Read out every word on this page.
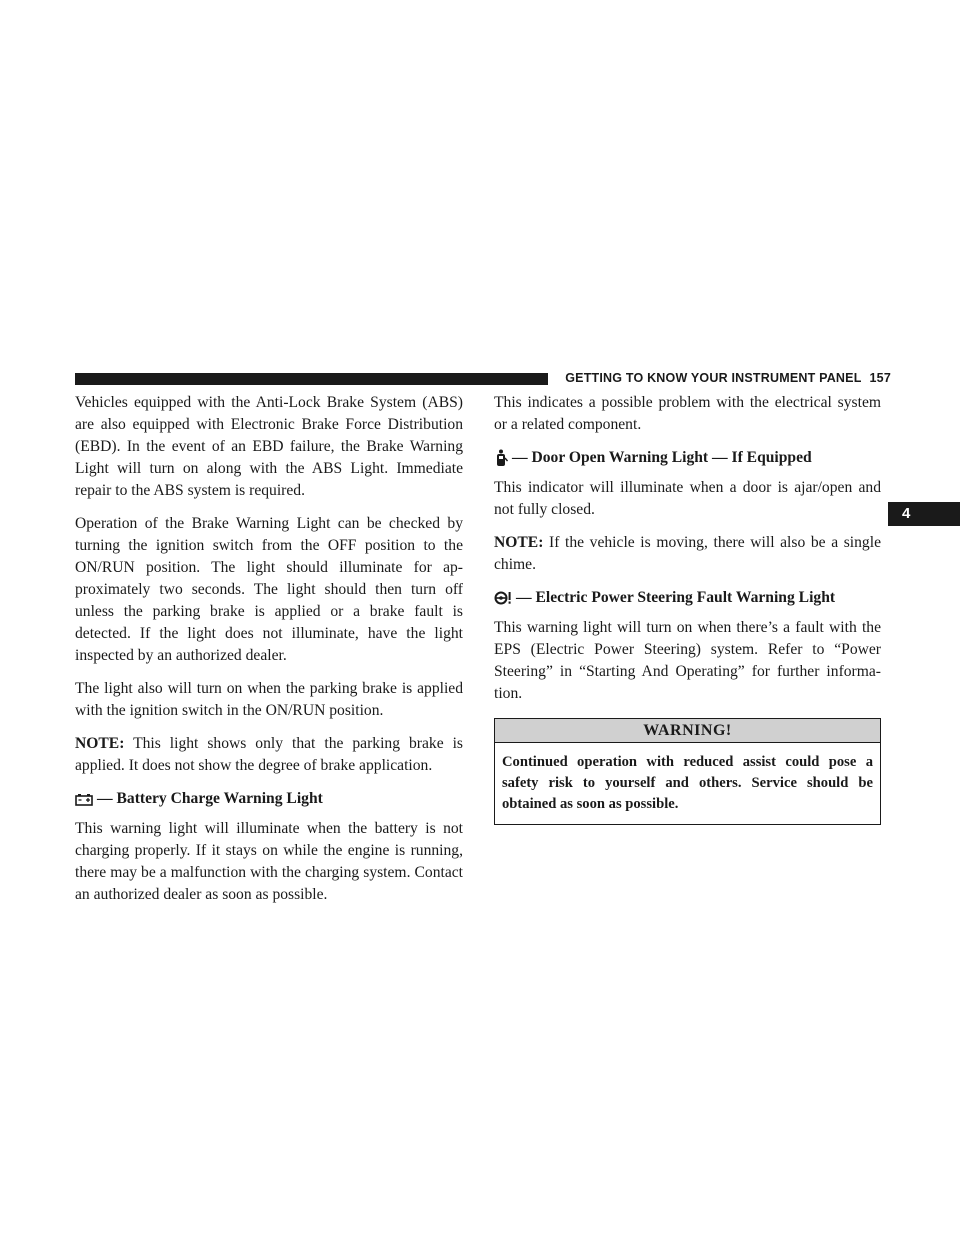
GETTING TO KNOW YOUR INSTRUMENT PANEL 157
4

Vehicles equipped with the Anti-Lock Brake System (ABS) are also equipped with Electronic Brake Force Distribution (EBD). In the event of an EBD failure, the Brake Warning Light will turn on along with the ABS Light. Immediate repair to the ABS system is required.

Operation of the Brake Warning Light can be checked by turning the ignition switch from the OFF position to the ON/RUN position. The light should illuminate for approximately two seconds. The light should then turn off unless the parking brake is applied or a brake fault is detected. If the light does not illuminate, have the light inspected by an authorized dealer.

The light also will turn on when the parking brake is applied with the ignition switch in the ON/RUN position.

NOTE: This light shows only that the parking brake is applied. It does not show the degree of brake application.

— Battery Charge Warning Light

This warning light will illuminate when the battery is not charging properly. If it stays on while the engine is running, there may be a malfunction with the charging system. Contact an authorized dealer as soon as possible.

This indicates a possible problem with the electrical system or a related component.

— Door Open Warning Light — If Equipped

This indicator will illuminate when a door is ajar/open and not fully closed.

NOTE: If the vehicle is moving, there will also be a single chime.

— Electric Power Steering Fault Warning Light

This warning light will turn on when there’s a fault with the EPS (Electric Power Steering) system. Refer to “Power Steering” in “Starting And Operating” for further information.

WARNING!
Continued operation with reduced assist could pose a safety risk to yourself and others. Service should be obtained as soon as possible.
